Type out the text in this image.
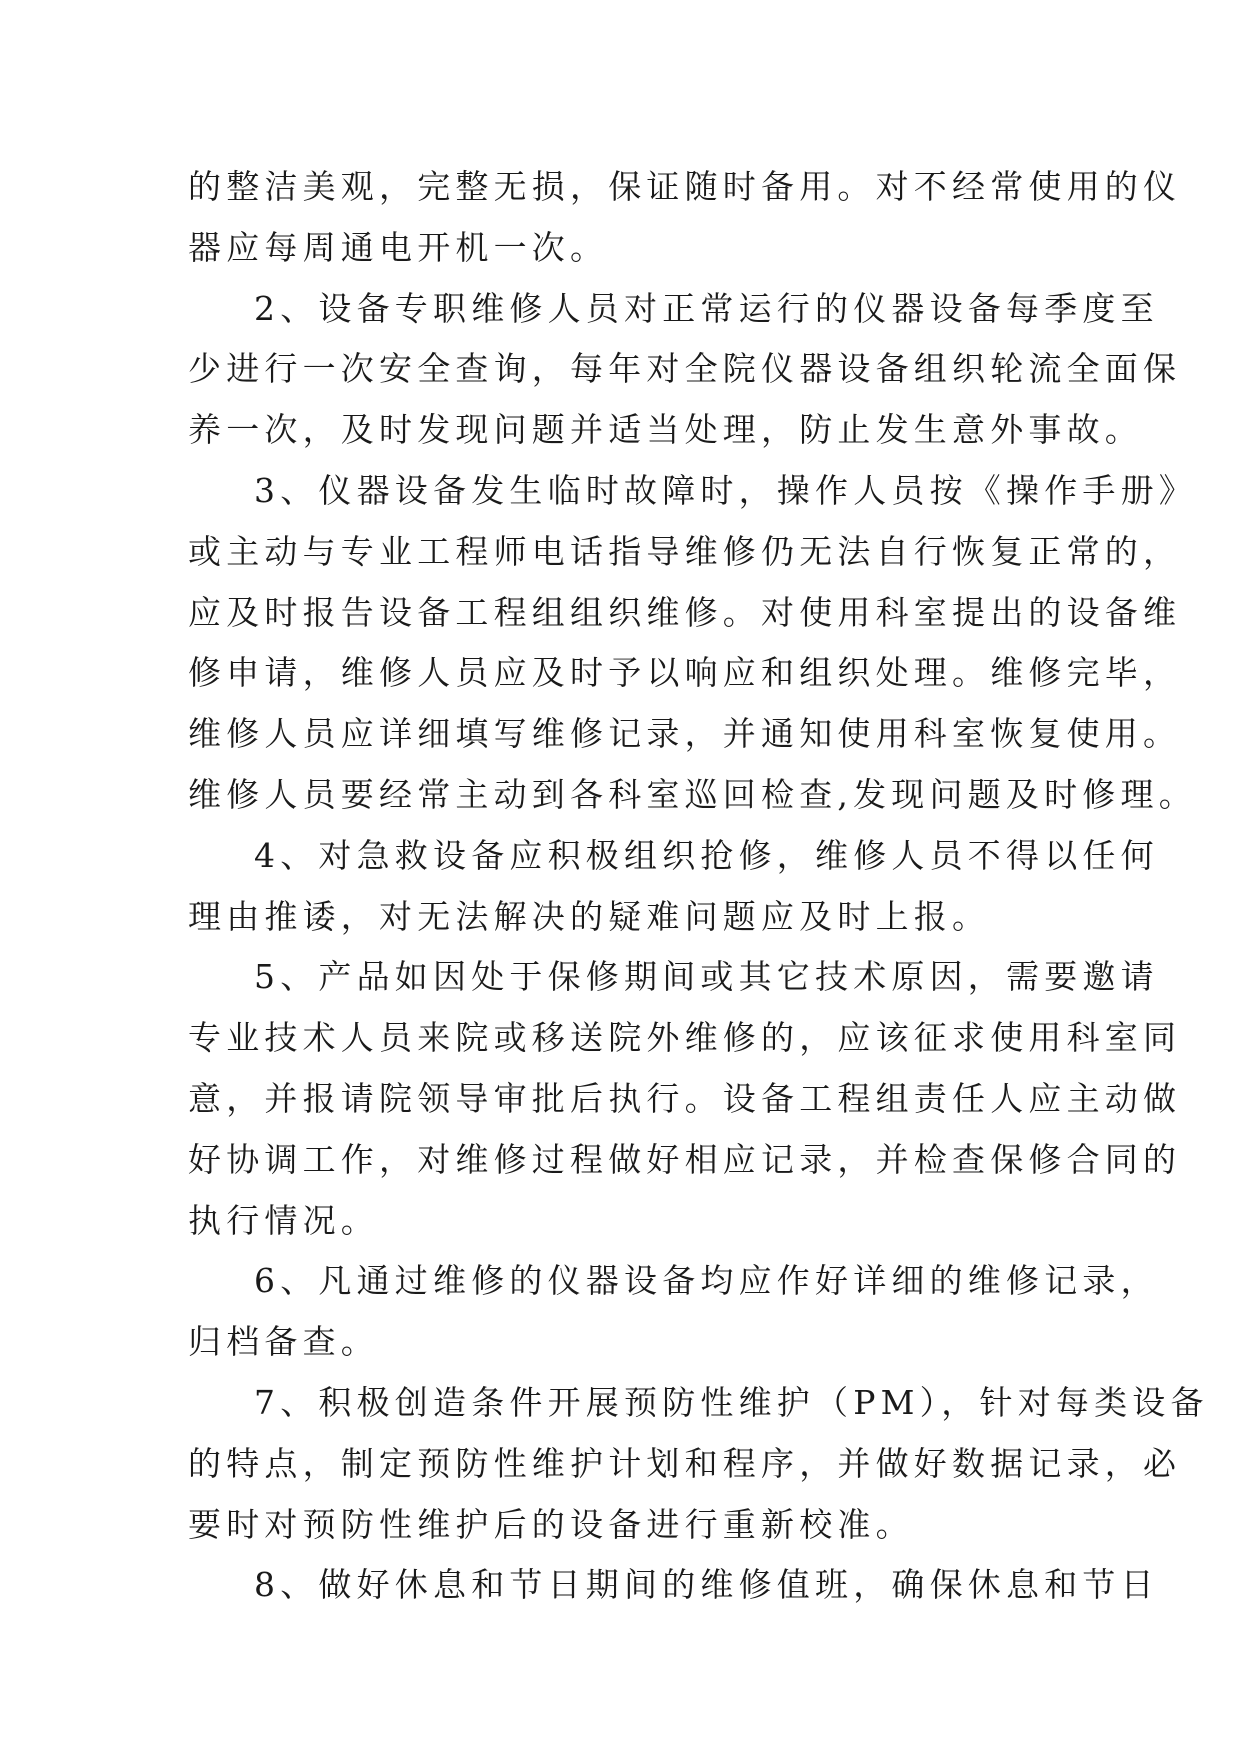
的整洁美观，完整无损，保证随时备用。对不经常使用的仪
器应每周通电开机一次。
2、设备专职维修人员对正常运行的仪器设备每季度至
少进行一次安全查询，每年对全院仪器设备组织轮流全面保
养一次，及时发现问题并适当处理，防止发生意外事故。
3、仪器设备发生临时故障时，操作人员按《操作手册》
或主动与专业工程师电话指导维修仍无法自行恢复正常的，
应及时报告设备工程组组织维修。对使用科室提出的设备维
修申请，维修人员应及时予以响应和组织处理。维修完毕，
维修人员应详细填写维修记录，并通知使用科室恢复使用。
维修人员要经常主动到各科室巡回检查,发现问题及时修理。
4、对急救设备应积极组织抢修，维修人员不得以任何
理由推诿，对无法解决的疑难问题应及时上报。
5、产品如因处于保修期间或其它技术原因，需要邀请
专业技术人员来院或移送院外维修的，应该征求使用科室同
意，并报请院领导审批后执行。设备工程组责任人应主动做
好协调工作，对维修过程做好相应记录，并检查保修合同的
执行情况。
6、凡通过维修的仪器设备均应作好详细的维修记录，
归档备查。
7、积极创造条件开展预防性维护（PM），针对每类设备
的特点，制定预防性维护计划和程序，并做好数据记录，必
要时对预防性维护后的设备进行重新校准。
8、做好休息和节日期间的维修值班，确保休息和节日
